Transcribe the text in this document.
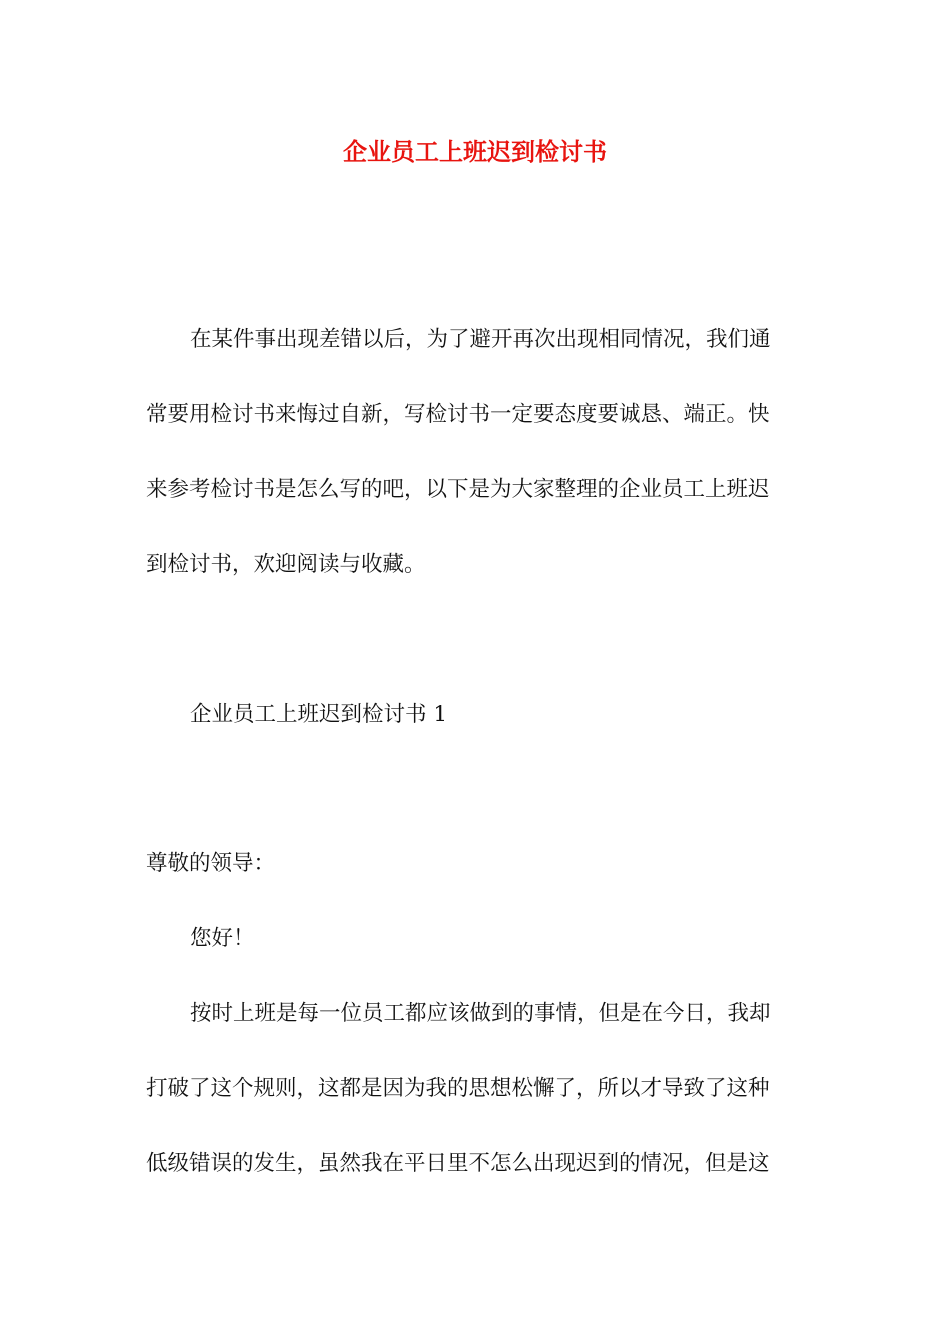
企业员工上班迟到检讨书
在某件事出现差错以后，为了避开再次出现相同情况，我们通
常要用检讨书来悔过自新，写检讨书一定要态度要诚恳、端正。快
来参考检讨书是怎么写的吧，以下是为大家整理的企业员工上班迟
到检讨书，欢迎阅读与收藏。
企业员工上班迟到检讨书 1
尊敬的领导：
您好！
按时上班是每一位员工都应该做到的事情，但是在今日，我却
打破了这个规则，这都是因为我的思想松懈了，所以才导致了这种
低级错误的发生，虽然我在平日里不怎么出现迟到的情况，但是这
